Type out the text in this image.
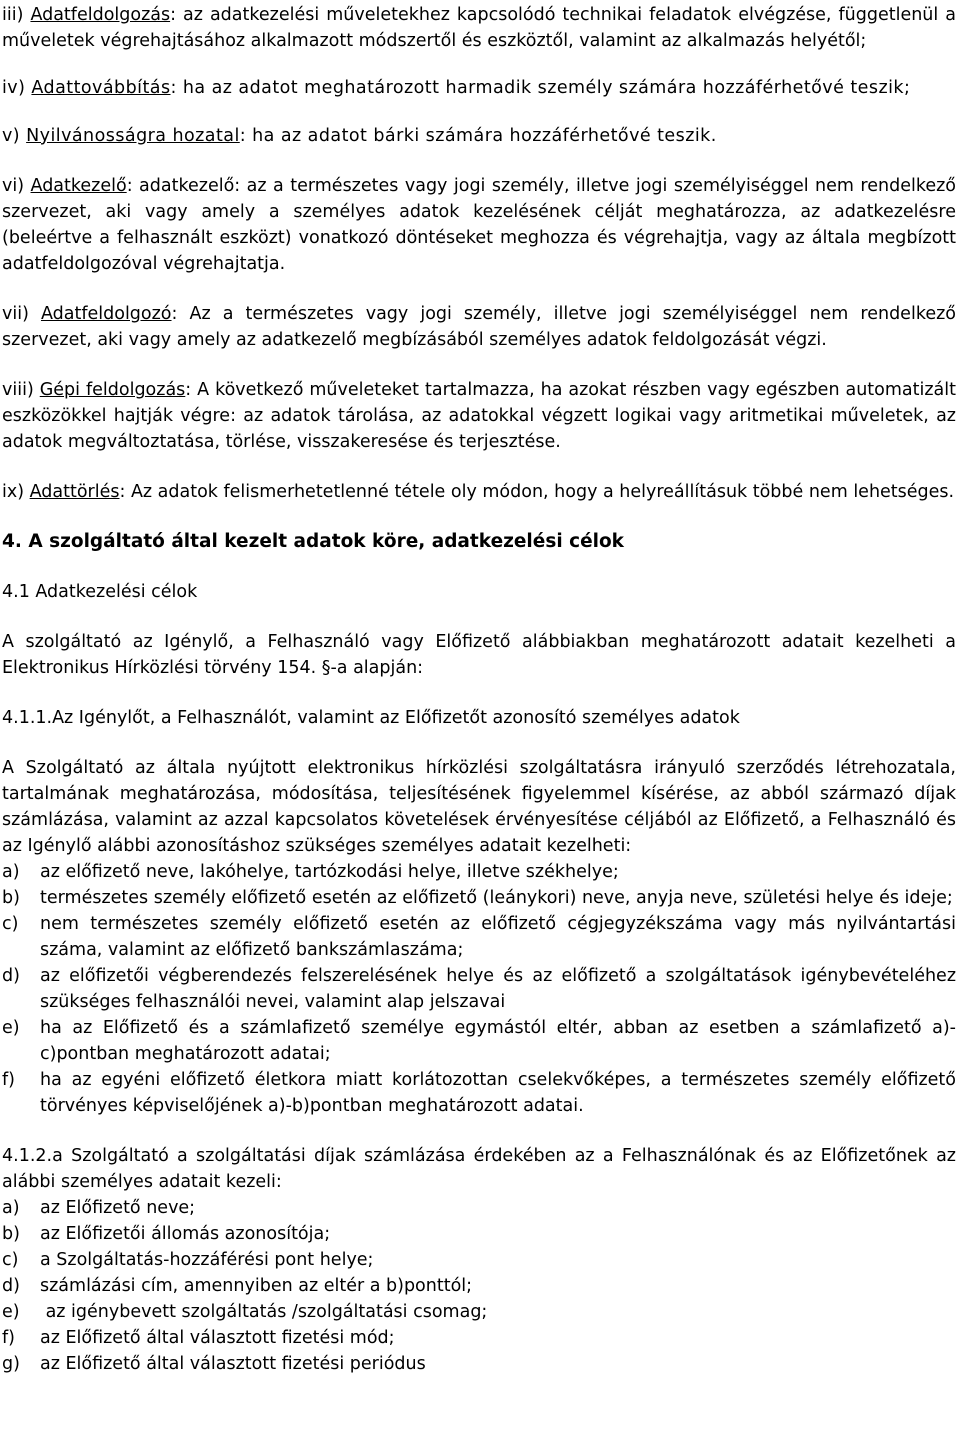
iii) Adatfeldolgozás: az adatkezelési műveletekhez kapcsolódó technikai feladatok elvégzése, függetlenül a műveletek végrehajtásához alkalmazott módszertől és eszköztől, valamint az alkalmazás helyétől;

iv) Adattovábbítás: ha az adatot meghatározott harmadik személy számára hozzáférhetővé teszik;

v) Nyilvánosságra hozatal: ha az adatot bárki számára hozzáférhetővé teszik.

vi) Adatkezelő: adatkezelő: az a természetes vagy jogi személy, illetve jogi személyiséggel nem rendelkező szervezet, aki vagy amely a személyes adatok kezelésének célját meghatározza, az adatkezelésre (beleértve a felhasznált eszközt) vonatkozó döntéseket meghozza és végrehajtja, vagy az általa megbízott adatfeldolgozóval végrehajtatja.

vii) Adatfeldolgozó: Az a természetes vagy jogi személy, illetve jogi személyiséggel nem rendelkező szervezet, aki vagy amely az adatkezelő megbízásából személyes adatok feldolgozását végzi.

viii) Gépi feldolgozás: A következő műveleteket tartalmazza, ha azokat részben vagy egészben automatizált eszközökkel hajtják végre: az adatok tárolása, az adatokkal végzett logikai vagy aritmetikai műveletek, az adatok megváltoztatása, törlése, visszakeresése és terjesztése.

ix) Adattörlés: Az adatok felismerhetetlenné tétele oly módon, hogy a helyreállításuk többé nem lehetséges.

4. A szolgáltató által kezelt adatok köre, adatkezelési célok

4.1 Adatkezelési célok

A szolgáltató az Igénylő, a Felhasználó vagy Előfizető alábbiakban meghatározott adatait kezelheti a Elektronikus Hírközlési törvény 154. §-a alapján:

4.1.1.Az Igénylőt, a Felhasználót, valamint az Előfizetőt azonosító személyes adatok

A Szolgáltató az általa nyújtott elektronikus hírközlési szolgáltatásra irányuló szerződés létrehozatala, tartalmának meghatározása, módosítása, teljesítésének figyelemmel kísérése, az abból származó díjak számlázása, valamint az azzal kapcsolatos követelések érvényesítése céljából az Előfizető, a Felhasználó és az Igénylő alábbi azonosításhoz szükséges személyes adatait kezelheti:

a)	az előfizető neve, lakóhelye, tartózkodási helye, illetve székhelye;
b)	természetes személy előfizető esetén az előfizető (leánykori) neve, anyja neve, születési helye és ideje;
c)	nem természetes személy előfizető esetén az előfizető cégjegyzékszáma vagy más nyilvántartási száma, valamint az előfizető bankszámlaszáma;
d)	az előfizetői végberendezés felszerelésének helye és az előfizető a szolgáltatások igénybevételéhez szükséges felhasználói nevei, valamint alap jelszavai
e)	ha az Előfizető és a számlafizető személye egymástól eltér, abban az esetben a számlafizető a)-c)pontban meghatározott adatai;
f)	ha az egyéni előfizető életkora miatt korlátozottan cselekvőképes, a természetes személy előfizető törvényes képviselőjének a)-b)pontban meghatározott adatai.

4.1.2.a Szolgáltató a szolgáltatási díjak számlázása érdekében az a Felhasználónak és az Előfizetőnek az alábbi személyes adatait kezeli:

a)	az Előfizető neve;
b)	az Előfizetői állomás azonosítója;
c)	a Szolgáltatás-hozzáférési pont helye;
d)	számlázási cím, amennyiben az eltér a b)ponttól;
e)	az igénybevett szolgáltatás /szolgáltatási csomag;
f)	az Előfizető által választott fizetési mód;
g)	az Előfizető által választott fizetési periódus
